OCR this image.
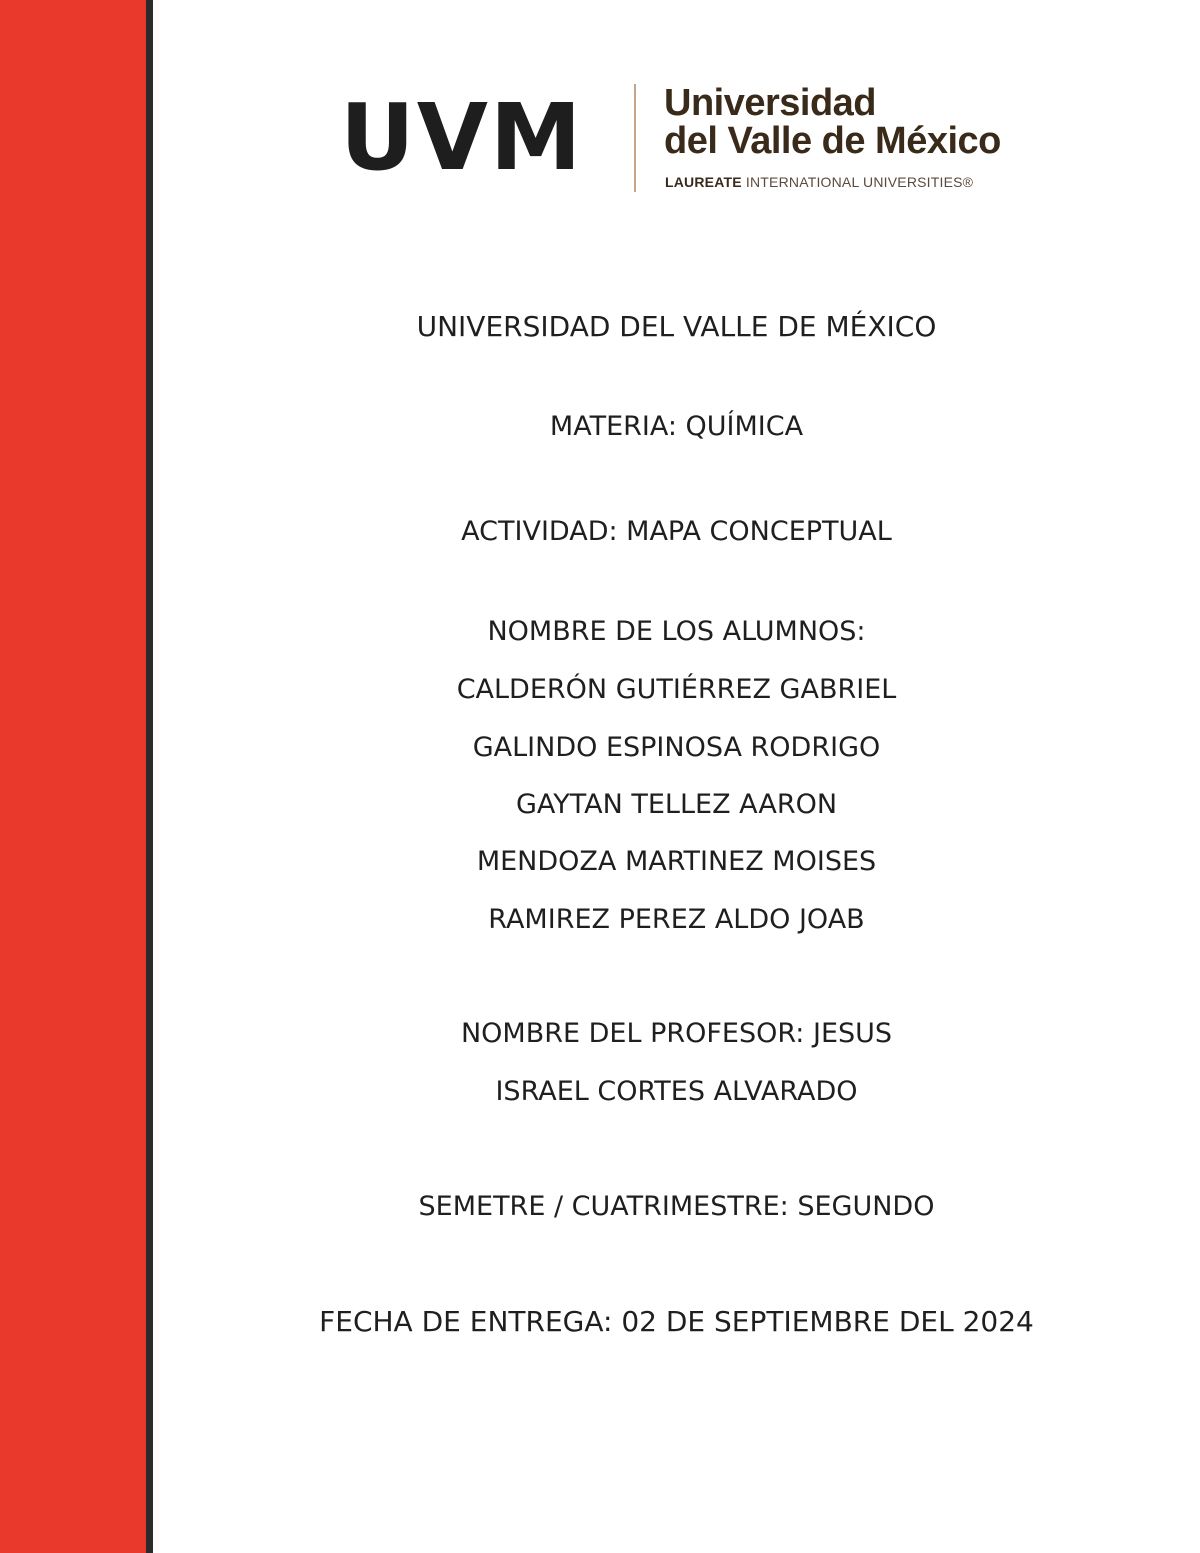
UVM Universidad
del Valle de México
LAUREATE INTERNATIONAL UNIVERSITIES®

UNIVERSIDAD DEL VALLE DE MÉXICO

MATERIA: QUÍMICA

ACTIVIDAD: MAPA CONCEPTUAL

NOMBRE DE LOS ALUMNOS:

CALDERÓN GUTIÉRREZ GABRIEL

GALINDO ESPINOSA RODRIGO

GAYTAN TELLEZ AARON

MENDOZA MARTINEZ MOISES

RAMIREZ PEREZ ALDO JOAB

NOMBRE DEL PROFESOR: JESUS

ISRAEL CORTES ALVARADO

SEMETRE / CUATRIMESTRE: SEGUNDO

FECHA DE ENTREGA: 02 DE SEPTIEMBRE DEL 2024
